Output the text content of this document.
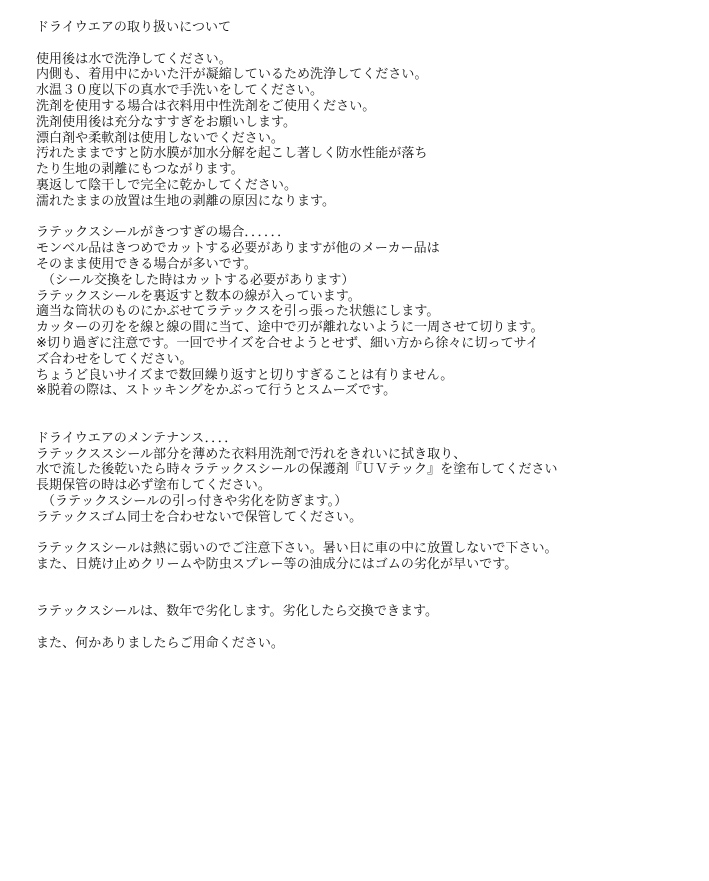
ドライウエアの取り扱いについて
使用後は水で洗浄してください。
内側も、着用中にかいた汗が凝縮しているため洗浄してください。
水温３０度以下の真水で手洗いをしてください。
洗剤を使用する場合は衣料用中性洗剤をご使用ください。
洗剤使用後は充分なすすぎをお願いします。
漂白剤や柔軟剤は使用しないでください。
汚れたままですと防水膜が加水分解を起こし著しく防水性能が落ち
たり生地の剥離にもつながります。
裏返して陰干しで完全に乾かしてください。
濡れたままの放置は生地の剥離の原因になります。
ラテックスシールがきつすぎの場合．．．．．．
モンベル品はきつめでカットする必要がありますが他のメーカー品は
そのまま使用できる場合が多いです。
（シール交換をした時はカットする必要があります）
ラテックスシールを裏返すと数本の線が入っています。
適当な筒状のものにかぶせてラテックスを引っ張った状態にします。
カッターの刃をを線と線の間に当て、途中で刃が離れないように一周させて切ります。
※切り過ぎに注意です。一回でサイズを合せようとせず、細い方から徐々に切ってサイ
ズ合わせをしてください。
ちょうど良いサイズまで数回繰り返すと切りすぎることは有りません。
※脱着の際は、ストッキングをかぶって行うとスムーズです。
ドライウエアのメンテナンス．．．．
ラテックススシール部分を薄めた衣料用洗剤で汚れをきれいに拭き取り、
水で流した後乾いたら時々ラテックスシールの保護剤『ＵＶテック』を塗布してください
長期保管の時は必ず塗布してください。
（ラテックスシールの引っ付きや劣化を防ぎます。）
ラテックスゴム同士を合わせないで保管してください。
ラテックスシールは熱に弱いのでご注意下さい。暑い日に車の中に放置しないで下さい。
また、日焼け止めクリームや防虫スプレー等の油成分にはゴムの劣化が早いです。
ラテックスシールは、数年で劣化します。劣化したら交換できます。
また、何かありましたらご用命ください。
